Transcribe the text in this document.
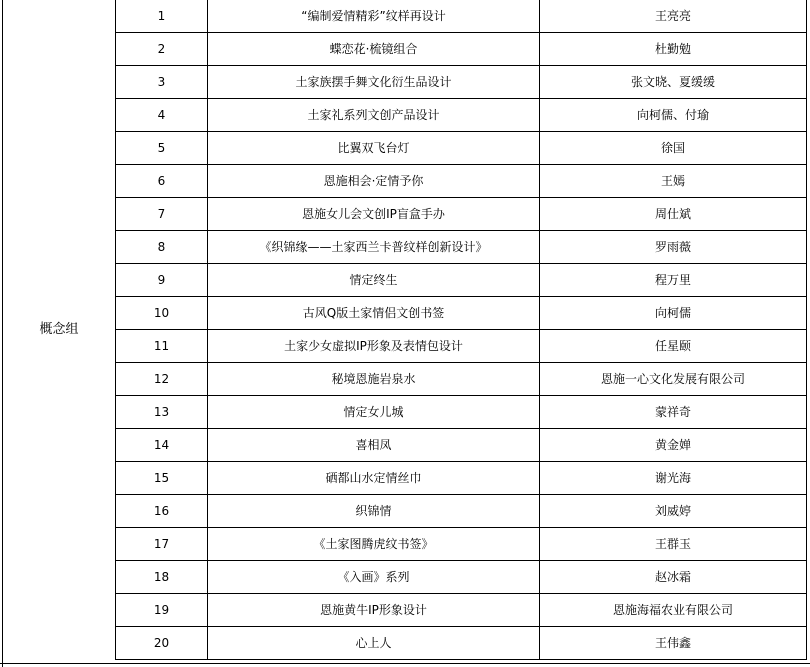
概念组	1	“编制爱情精彩”纹样再设计	王亮亮
	2	蝶恋花·梳镜组合	杜勤勉
	3	土家族摆手舞文化衍生品设计	张文晓、夏缓缓
	4	土家礼系列文创产品设计	向柯儒、付瑜
	5	比翼双飞台灯	徐国
	6	恩施相会·定情予你	王嫣
	7	恩施女儿会文创IP盲盒手办	周仕斌
	8	《织锦缘——土家西兰卡普纹样创新设计》	罗雨薇
	9	情定终生	程万里
	10	古风Q版土家情侣文创书签	向柯儒
	11	土家少女虚拟IP形象及表情包设计	任星颐
	12	秘境恩施岩泉水	恩施一心文化发展有限公司
	13	情定女儿城	蒙祥奇
	14	喜相凤	黄金婵
	15	硒都山水定情丝巾	谢光海
	16	织锦情	刘威婷
	17	《土家图腾虎纹书签》	王群玉
	18	《入画》系列	赵冰霜
	19	恩施黄牛IP形象设计	恩施海福农业有限公司
	20	心上人	王伟鑫
